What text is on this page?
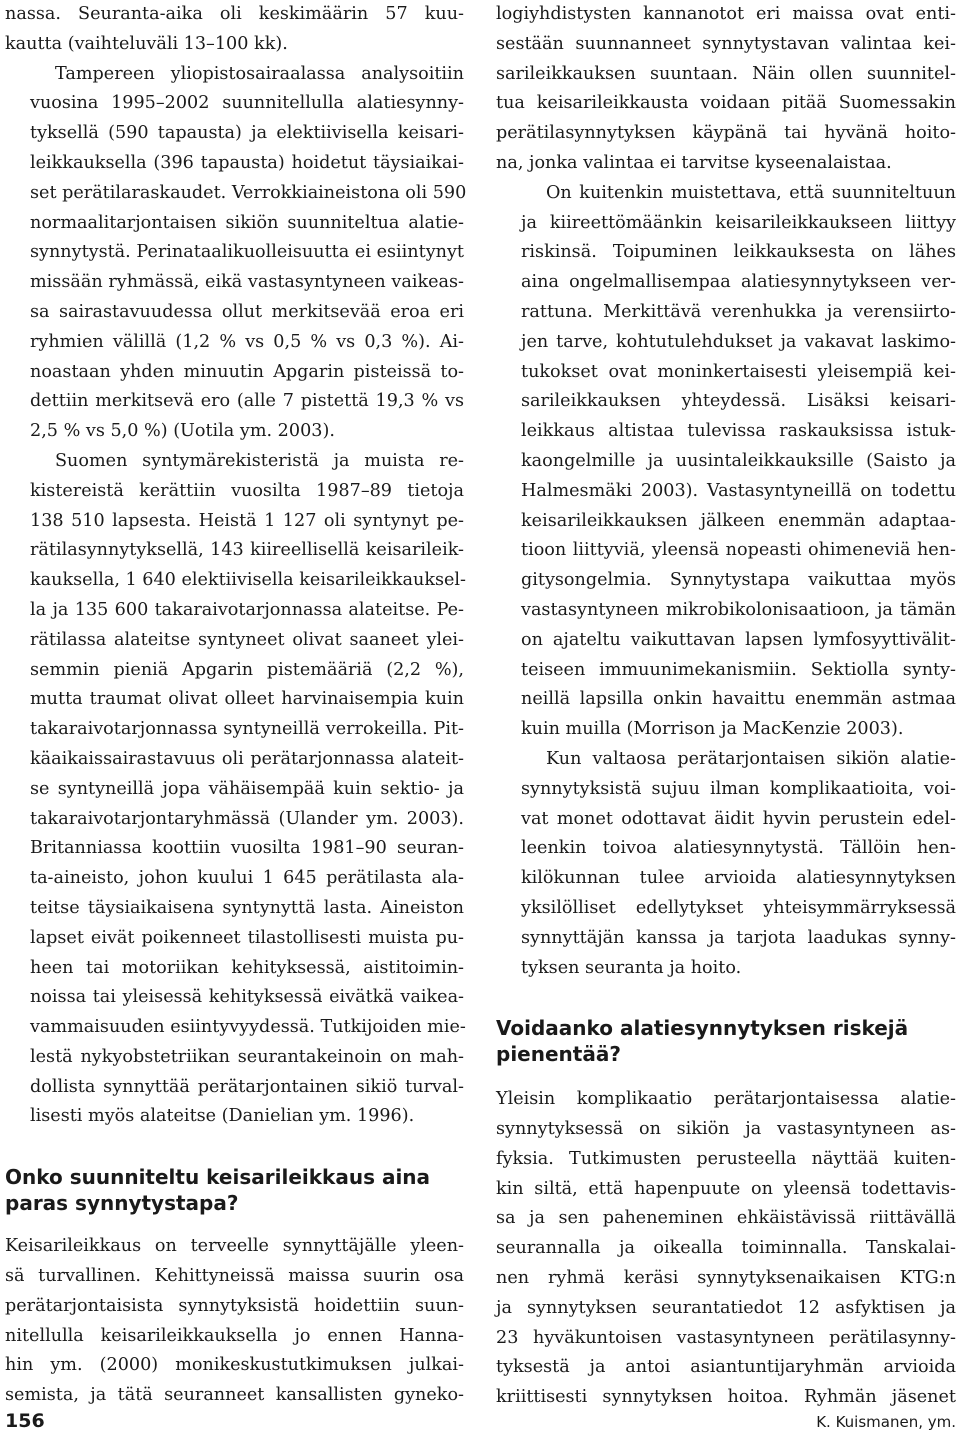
nassa. Seuranta-aika oli keskimäärin 57 kuu-
kautta (vaihteluväli 13–100 kk).

Tampereen yliopistosairaalassa analysoitiin
vuosina 1995–2002 suunnitellulla alatiesynny-
tyksellä (590 tapausta) ja elektiivisella keisari-
leikkauksella (396 tapausta) hoidetut täysiaikai-
set perätilaraskaudet. Verrokkiaineistona oli 590
normaalitarjontaisen sikiön suunniteltua alatie-
synnytystä. Perinataalikuolleisuutta ei esiintynyt
missään ryhmässä, eikä vastasyntyneen vaikeas-
sa sairastavuudessa ollut merkitsevää eroa eri
ryhmien välillä (1,2 % vs 0,5 % vs 0,3 %). Ai-
noastaan yhden minuutin Apgarin pisteissä to-
dettiin merkitsevä ero (alle 7 pistettä 19,3 % vs
2,5 % vs 5,0 %) (Uotila ym. 2003).

Suomen syntymärekisteristä ja muista re-
kistereistä kerättiin vuosilta 1987–89 tietoja
138 510 lapsesta. Heistä 1 127 oli syntynyt pe-
rätilasynnytyksellä, 143 kiireellisellä keisarileik-
kauksella, 1 640 elektiivisella keisarileikkauksel-
la ja 135 600 takaraivotarjonnassa alateitse. Pe-
rätilassa alateitse syntyneet olivat saaneet ylei-
semmin pieniä Apgarin pistemääriä (2,2 %),
mutta traumat olivat olleet harvinaisempia kuin
takaraivotarjonnassa syntyneillä verrokeilla. Pit-
käaikaissairastavuus oli perätarjonnassa alateit-
se syntyneillä jopa vähäisempää kuin sektio- ja
takaraivotarjontaryhmässä (Ulander ym. 2003).
Britanniassa koottiin vuosilta 1981–90 seuran-
ta-aineisto, johon kuului 1 645 perätilasta ala-
teitse täysiaikaisena syntynyttä lasta. Aineiston
lapset eivät poikenneet tilastollisesti muista pu-
heen tai motoriikan kehityksessä, aistitoimin-
noissa tai yleisessä kehityksessä eivätkä vaikea-
vammaisuuden esiintyvyydessä. Tutkijoiden mie-
lestä nykyobstetriikan seurantakeinoin on mah-
dollista synnyttää perätarjontainen sikiö turval-
lisesti myös alateitse (Danielian ym. 1996).

Onko suunniteltu keisarileikkaus aina
paras synnytystapa?

Keisarileikkaus on terveelle synnyttäjälle yleen-
sä turvallinen. Kehittyneissä maissa suurin osa
perätarjontaisista synnytyksistä hoidettiin suun-
nitellulla keisarileikkauksella jo ennen Hanna-
hin ym. (2000) monikeskustutkimuksen julkai-
semista, ja tätä seuranneet kansallisten gyneko-

logiyhdistysten kannanotot eri maissa ovat enti-
sestään suunnanneet synnytystavan valintaa kei-
sarileikkauksen suuntaan. Näin ollen suunnitel-
tua keisarileikkausta voidaan pitää Suomessakin
perätilasynnytyksen käypänä tai hyvänä hoito-
na, jonka valintaa ei tarvitse kyseenalaistaa.

On kuitenkin muistettava, että suunniteltuun
ja kiireettömäänkin keisarileikkaukseen liittyy
riskinsä. Toipuminen leikkauksesta on lähes
aina ongelmallisempaa alatiesynnytykseen ver-
rattuna. Merkittävä verenhukka ja verensiirto-
jen tarve, kohtutulehdukset ja vakavat laskimo-
tukokset ovat moninkertaisesti yleisempiä kei-
sarileikkauksen yhteydessä. Lisäksi keisari-
leikkaus altistaa tulevissa raskauksissa istuk-
kaongelmille ja uusintaleikkauksille (Saisto ja
Halmesmäki 2003). Vastasyntyneillä on todettu
keisarileikkauksen jälkeen enemmän adaptaa-
tioon liittyviä, yleensä nopeasti ohimeneviä hen-
gitysongelmia. Synnytystapa vaikuttaa myös
vastasyntyneen mikrobikolonisaatioon, ja tämän
on ajateltu vaikuttavan lapsen lymfosyyttivälit-
teiseen immuunimekanismiin. Sektiolla synty-
neillä lapsilla onkin havaittu enemmän astmaa
kuin muilla (Morrison ja MacKenzie 2003).

Kun valtaosa perätarjontaisen sikiön alatie-
synnytyksistä sujuu ilman komplikaatioita, voi-
vat monet odottavat äidit hyvin perustein edel-
leenkin toivoa alatiesynnytystä. Tällöin hen-
kilökunnan tulee arvioida alatiesynnytyksen
yksilölliset edellytykset yhteisymmärryksessä
synnyttäjän kanssa ja tarjota laadukas synny-
tyksen seuranta ja hoito.

Voidaanko alatiesynnytyksen riskejä
pienentää?

Yleisin komplikaatio perätarjontaisessa alatie-
synnytyksessä on sikiön ja vastasyntyneen as-
fyksia. Tutkimusten perusteella näyttää kuiten-
kin siltä, että hapenpuute on yleensä todettavis-
sa ja sen paheneminen ehkäistävissä riittävällä
seurannalla ja oikealla toiminnalla. Tanskalai-
nen ryhmä keräsi synnytyksenaikaisen KTG:n
ja synnytyksen seurantatiedot 12 asfyktisen ja
23 hyväkuntoisen vastasyntyneen perätilasynny-
tyksestä ja antoi asiantuntijaryhmän arvioida
kriittisesti synnytyksen hoitoa. Ryhmän jäsenet

156	K. Kuismanen, ym.
